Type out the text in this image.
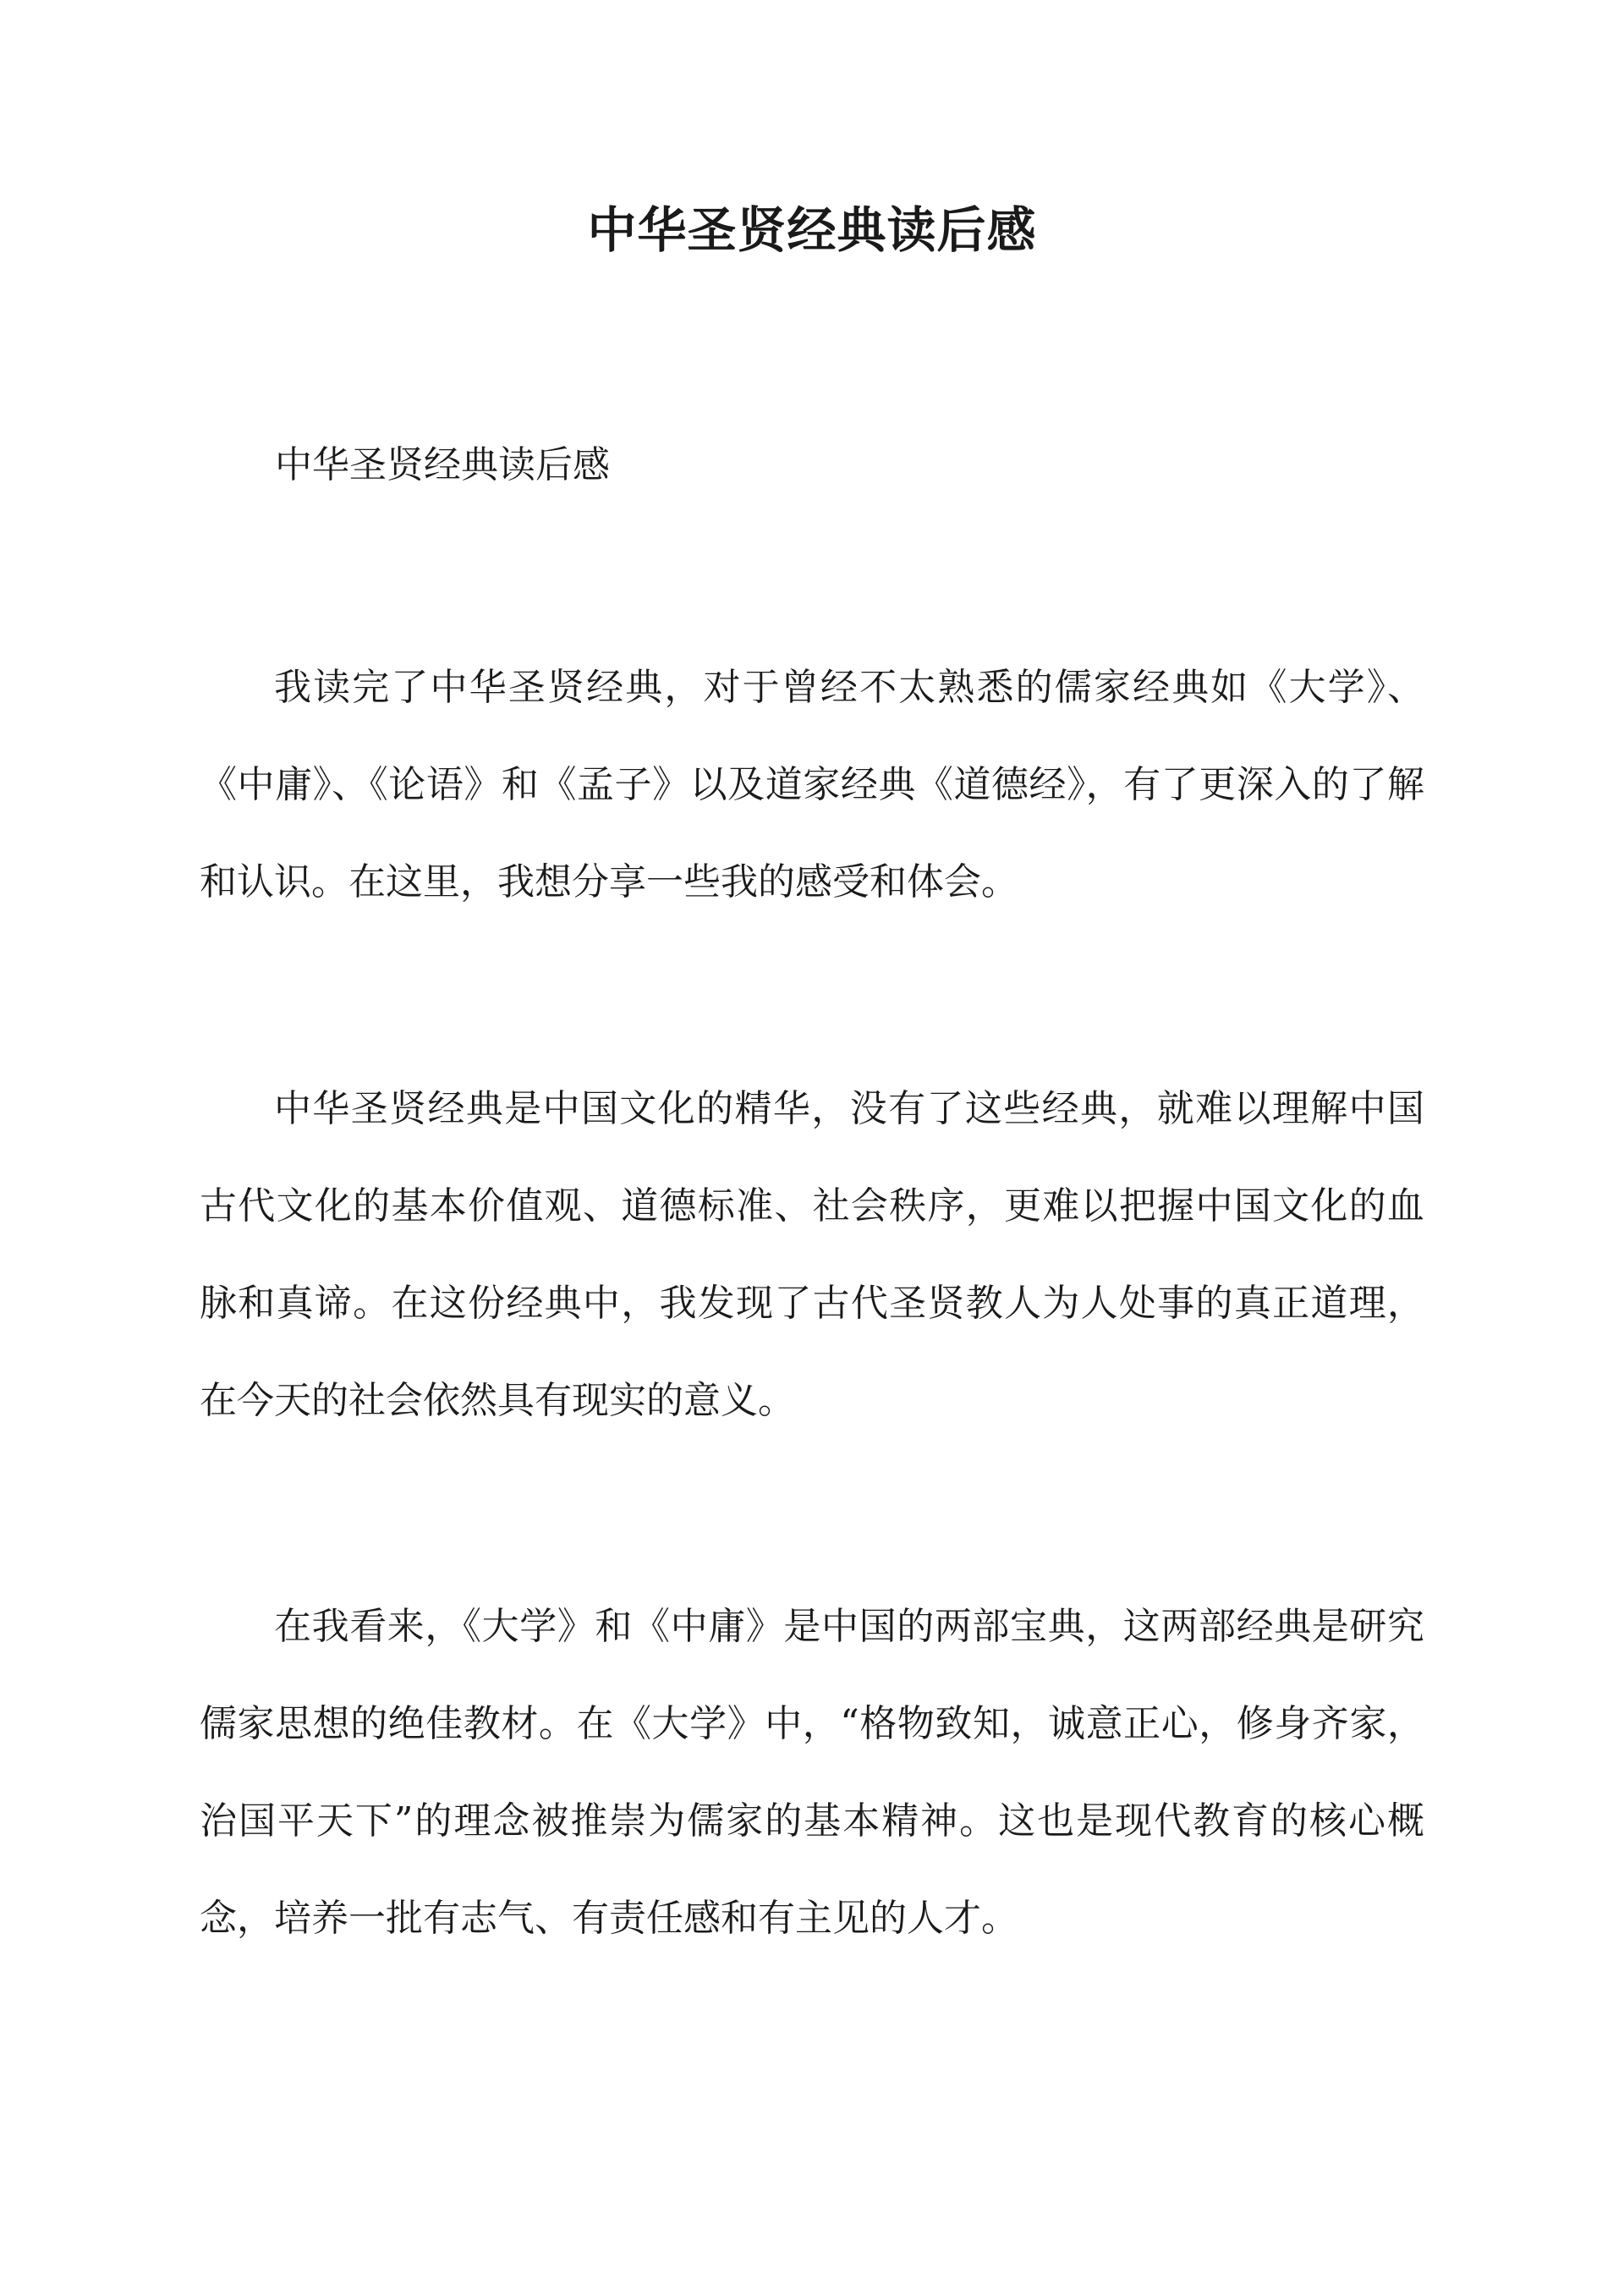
中华圣贤经典读后感

中华圣贤经典读后感

我读完了中华圣贤经典，对于曾经不太熟悉的儒家经典如《大学》、《中庸》、《论语》和《孟子》以及道家经典《道德经》，有了更深入的了解和认识。在这里，我想分享一些我的感受和体会。

中华圣贤经典是中国文化的精华，没有了这些经典，就难以理解中国古代文化的基本价值观、道德标准、社会秩序，更难以把握中国文化的血脉和真谛。在这份经典中，我发现了古代圣贤教人为人处事的真正道理，在今天的社会依然具有现实的意义。

在我看来，《大学》和《中庸》是中国的两部宝典，这两部经典是研究儒家思想的绝佳教材。在《大学》中，“格物致知，诚意正心，修身齐家，治国平天下”的理念被推崇为儒家的基本精神。这也是现代教育的核心概念，培养一批有志气、有责任感和有主见的人才。
